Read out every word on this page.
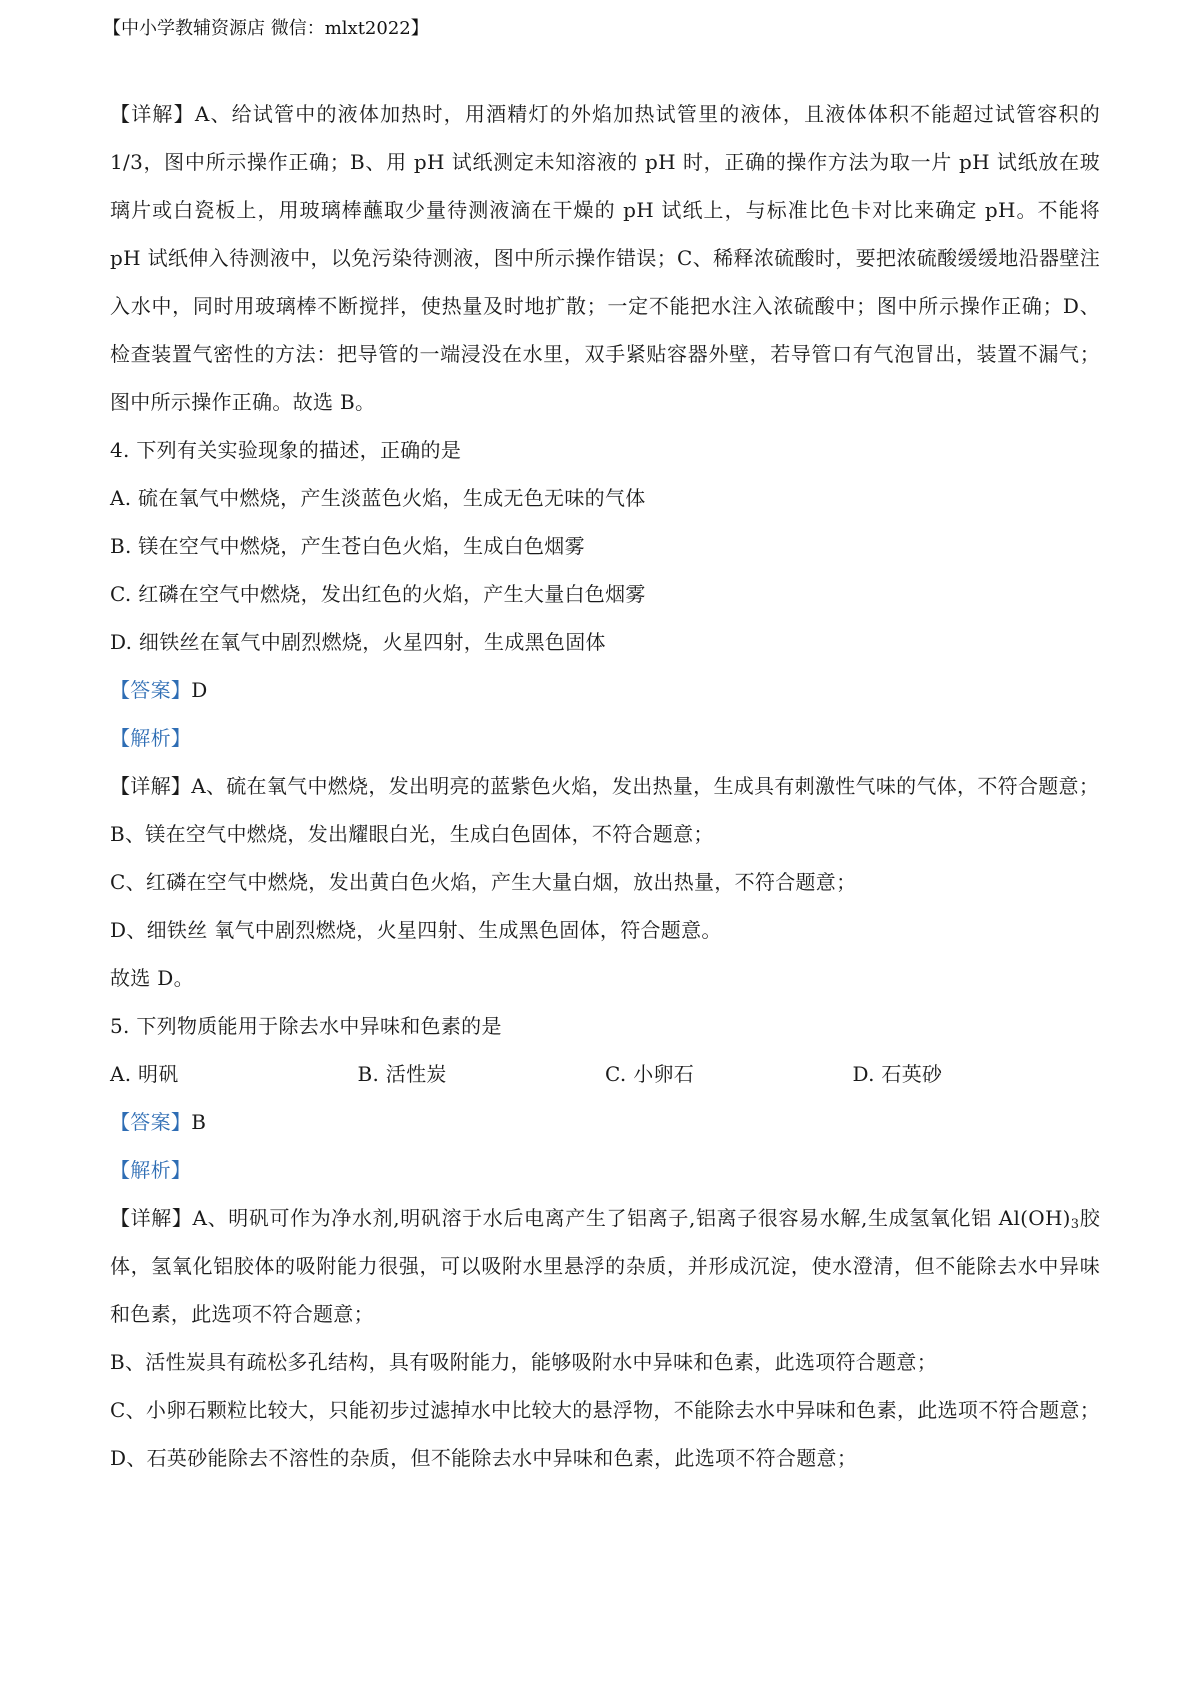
【中小学教辅资源店 微信：mlxt2022】

【详解】A、给试管中的液体加热时，用酒精灯的外焰加热试管里的液体，且液体体积不能超过试管容积的1/3，图中所示操作正确；B、用 pH 试纸测定未知溶液的 pH 时，正确的操作方法为取一片 pH 试纸放在玻璃片或白瓷板上，用玻璃棒蘸取少量待测液滴在干燥的 pH 试纸上，与标准比色卡对比来确定 pH。不能将 pH 试纸伸入待测液中，以免污染待测液，图中所示操作错误；C、稀释浓硫酸时，要把浓硫酸缓缓地沿器壁注入水中，同时用玻璃棒不断搅拌，使热量及时地扩散；一定不能把水注入浓硫酸中；图中所示操作正确；D、检查装置气密性的方法：把导管的一端浸没在水里，双手紧贴容器外壁，若导管口有气泡冒出，装置不漏气；图中所示操作正确。故选 B。

4. 下列有关实验现象的描述，正确的是

A. 硫在氧气中燃烧，产生淡蓝色火焰，生成无色无味的气体

B. 镁在空气中燃烧，产生苍白色火焰，生成白色烟雾

C. 红磷在空气中燃烧，发出红色的火焰，产生大量白色烟雾

D. 细铁丝在氧气中剧烈燃烧，火星四射，生成黑色固体

【答案】D

【解析】

【详解】A、硫在氧气中燃烧，发出明亮的蓝紫色火焰，发出热量，生成具有刺激性气味的气体，不符合题意；

B、镁在空气中燃烧，发出耀眼白光，生成白色固体，不符合题意；

C、红磷在空气中燃烧，发出黄白色火焰，产生大量白烟，放出热量，不符合题意；

D、细铁丝 氧气中剧烈燃烧，火星四射、生成黑色固体，符合题意。

故选 D。

5. 下列物质能用于除去水中异味和色素的是

A. 明矾	B. 活性炭	C. 小卵石	D. 石英砂

【答案】B

【解析】

【详解】A、明矾可作为净水剂,明矾溶于水后电离产生了铝离子,铝离子很容易水解,生成氢氧化铝 $Al(OH)_3$胶体，氢氧化铝胶体的吸附能力很强，可以吸附水里悬浮的杂质，并形成沉淀，使水澄清，但不能除去水中异味和色素，此选项不符合题意；

B、活性炭具有疏松多孔结构，具有吸附能力，能够吸附水中异味和色素，此选项符合题意；

C、小卵石颗粒比较大，只能初步过滤掉水中比较大的悬浮物，不能除去水中异味和色素，此选项不符合题意；

D、石英砂能除去不溶性的杂质，但不能除去水中异味和色素，此选项不符合题意；
